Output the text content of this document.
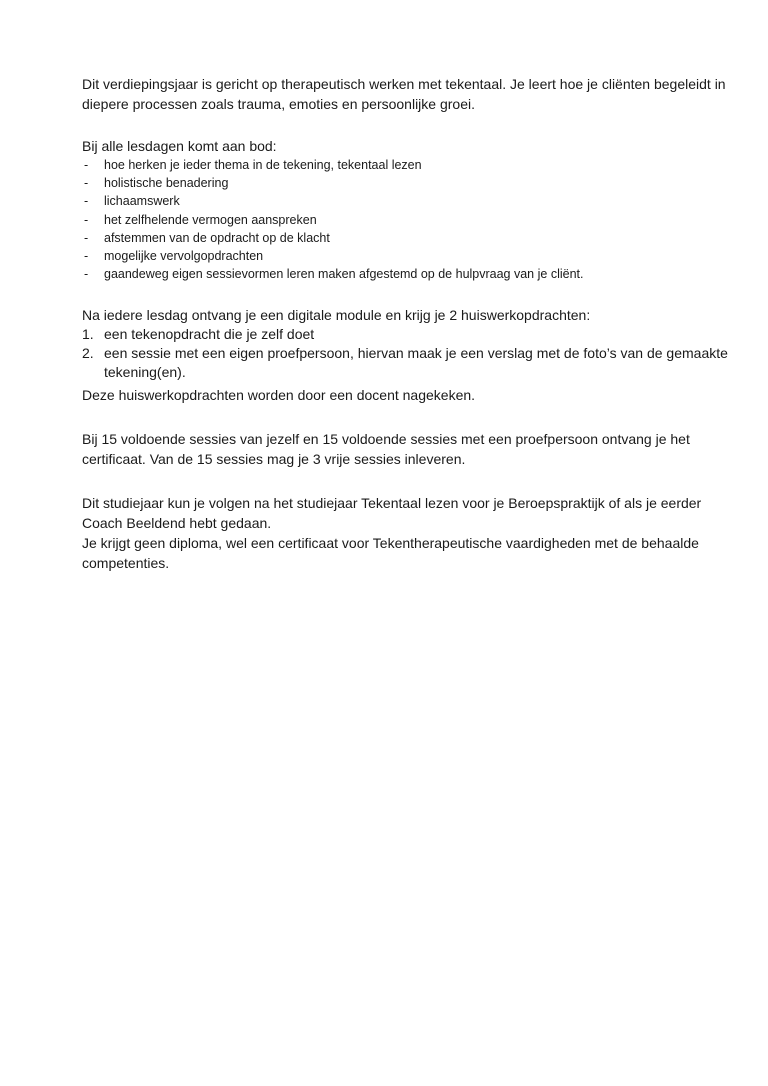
Dit verdiepingsjaar is gericht op therapeutisch werken met tekentaal. Je leert hoe je cliënten begeleidt in diepere processen zoals trauma, emoties en persoonlijke groei.

Bij alle lesdagen komt aan bod:

- hoe herken je ieder thema in de tekening, tekentaal lezen
- holistische benadering
- lichaamswerk
- het zelfhelende vermogen aanspreken
- afstemmen van de opdracht op de klacht
- mogelijke vervolgopdrachten
- gaandeweg eigen sessievormen leren maken afgestemd op de hulpvraag van je cliënt.

Na iedere lesdag ontvang je een digitale module en krijg je 2 huiswerkopdrachten:

1. een tekenopdracht die je zelf doet
2. een sessie met een eigen proefpersoon, hiervan maak je een verslag met de foto’s van de gemaakte tekening(en).

Deze huiswerkopdrachten worden door een docent nagekeken.

Bij 15 voldoende sessies van jezelf en 15 voldoende sessies met een proefpersoon ontvang je het certificaat. Van de 15 sessies mag je 3 vrije sessies inleveren.

Dit studiejaar kun je volgen na het studiejaar Tekentaal lezen voor je Beroepspraktijk of als je eerder Coach Beeldend hebt gedaan.

Je krijgt geen diploma, wel een certificaat voor Tekentherapeutische vaardigheden met de behaalde competenties.
